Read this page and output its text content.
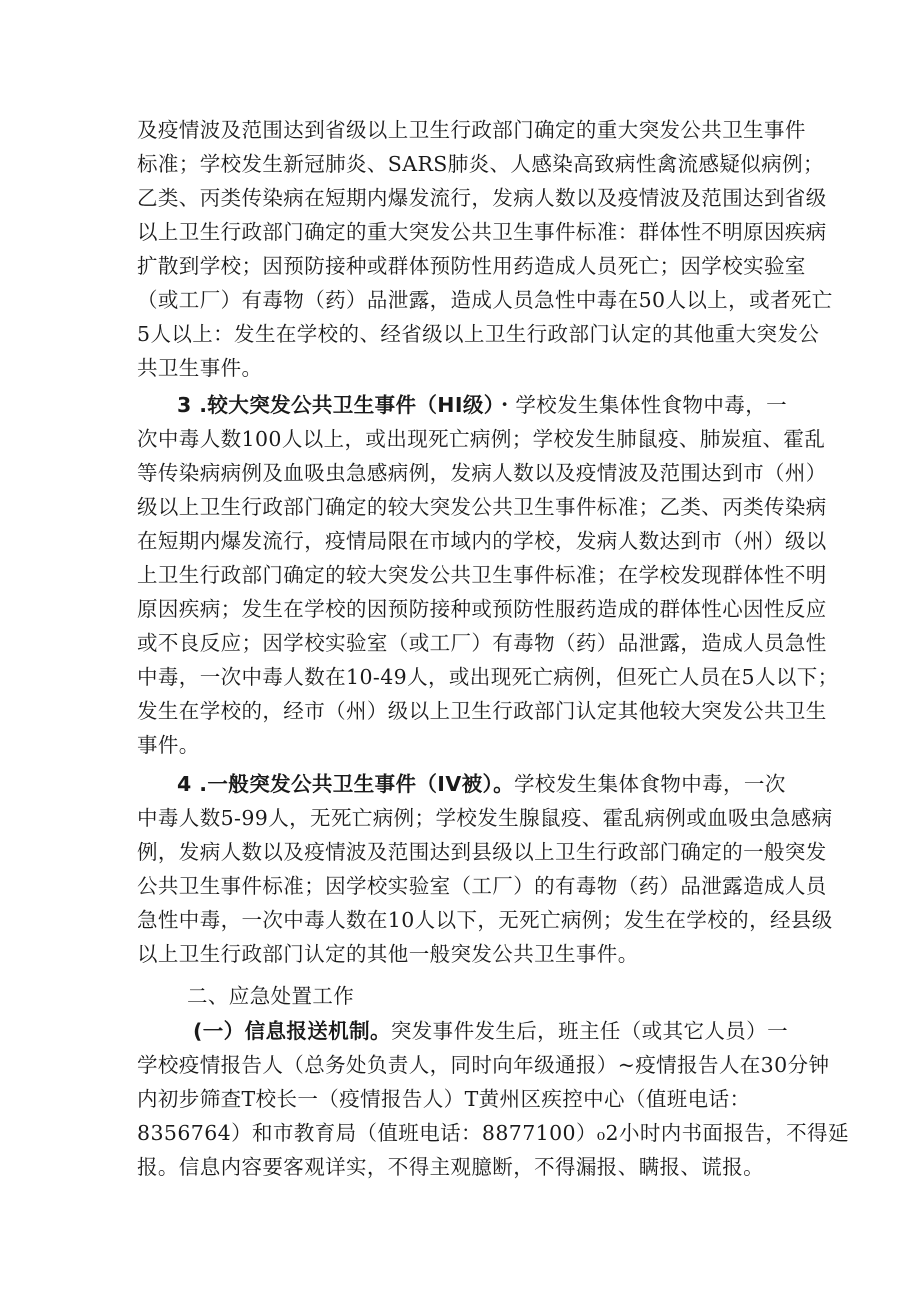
及疫情波及范围达到省级以上卫生行政部门确定的重大突发公共卫生事件
标准；学校发生新冠肺炎、SARS肺炎、人感染高致病性禽流感疑似病例；
乙类、丙类传染病在短期内爆发流行，发病人数以及疫情波及范围达到省级
以上卫生行政部门确定的重大突发公共卫生事件标准：群体性不明原因疾病
扩散到学校；因预防接种或群体预防性用药造成人员死亡；因学校实验室
（或工厂）有毒物（药）品泄露，造成人员急性中毒在50人以上，或者死亡
5人以上：发生在学校的、经省级以上卫生行政部门认定的其他重大突发公
共卫生事件。
3 .较大突发公共卫生事件（HI级）・学校发生集体性食物中毒，一
次中毒人数100人以上，或出现死亡病例；学校发生肺鼠疫、肺炭疽、霍乱
等传染病病例及血吸虫急感病例，发病人数以及疫情波及范围达到市（州）
级以上卫生行政部门确定的较大突发公共卫生事件标准；乙类、丙类传染病
在短期内爆发流行，疫情局限在市域内的学校，发病人数达到市（州）级以
上卫生行政部门确定的较大突发公共卫生事件标准；在学校发现群体性不明
原因疾病；发生在学校的因预防接种或预防性服药造成的群体性心因性反应
或不良反应；因学校实验室（或工厂）有毒物（药）品泄露，造成人员急性
中毒，一次中毒人数在10-49人，或出现死亡病例，但死亡人员在5人以下；
发生在学校的，经市（州）级以上卫生行政部门认定其他较大突发公共卫生
事件。
4 .一般突发公共卫生事件（IV被）。学校发生集体食物中毒，一次
中毒人数5-99人，无死亡病例；学校发生腺鼠疫、霍乱病例或血吸虫急感病
例，发病人数以及疫情波及范围达到县级以上卫生行政部门确定的一般突发
公共卫生事件标准；因学校实验室（工厂）的有毒物（药）品泄露造成人员
急性中毒，一次中毒人数在10人以下，无死亡病例；发生在学校的，经县级
以上卫生行政部门认定的其他一般突发公共卫生事件。
二、应急处置工作
(一）信息报送机制。突发事件发生后，班主任（或其它人员）一
学校疫情报告人（总务处负责人，同时向年级通报）~疫情报告人在30分钟
内初步筛查T校长一（疫情报告人）T黄州区疾控中心（值班电话：
8356764）和市教育局（值班电话：8877100）₀2小时内书面报告，不得延
报。信息内容要客观详实，不得主观臆断，不得漏报、瞒报、谎报。
